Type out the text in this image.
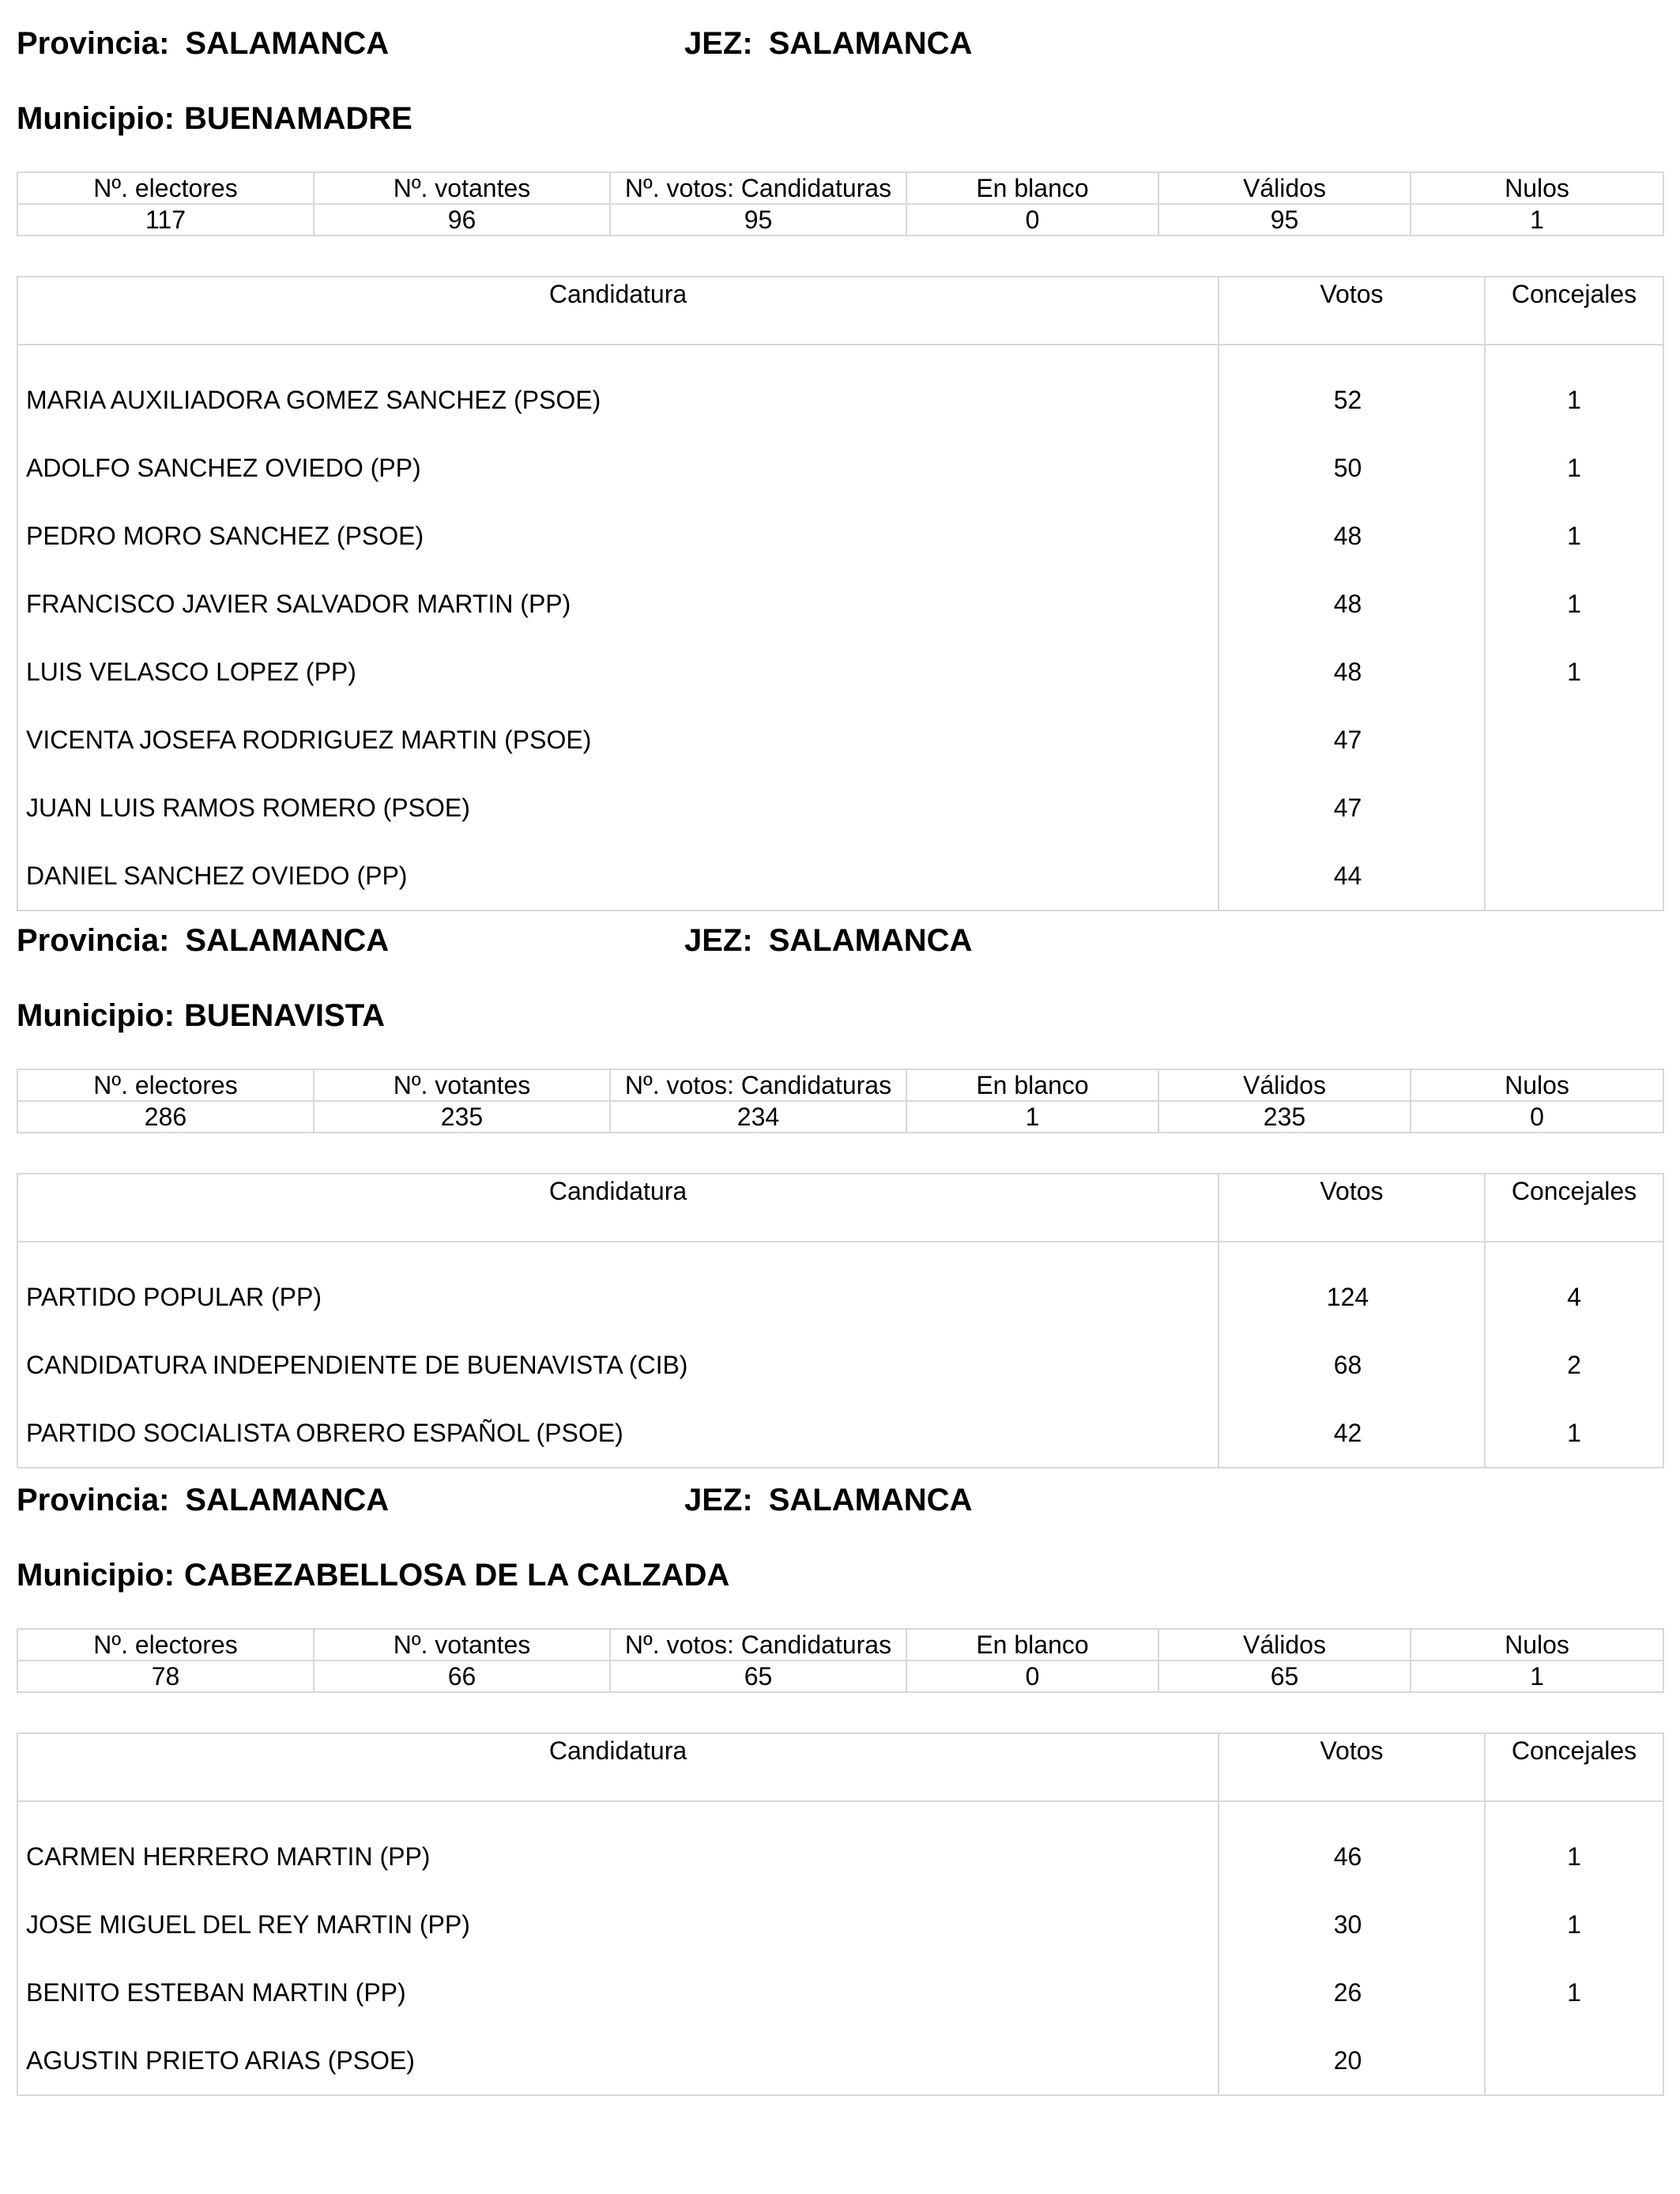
Provincia: SALAMANCA	JEZ: SALAMANCA
Municipio: BUENAMADRE
Nº. electores	Nº. votantes	Nº. votos: Candidaturas	En blanco	Válidos	Nulos
117	96	95	0	95	1
Candidatura	Votos	Concejales
MARIA AUXILIADORA GOMEZ SANCHEZ (PSOE)	52	1
ADOLFO SANCHEZ OVIEDO (PP)	50	1
PEDRO MORO SANCHEZ (PSOE)	48	1
FRANCISCO JAVIER SALVADOR MARTIN (PP)	48	1
LUIS VELASCO LOPEZ (PP)	48	1
VICENTA JOSEFA RODRIGUEZ MARTIN (PSOE)	47	
JUAN LUIS RAMOS ROMERO (PSOE)	47	
DANIEL SANCHEZ OVIEDO (PP)	44	
Provincia: SALAMANCA	JEZ: SALAMANCA
Municipio: BUENAVISTA
Nº. electores	Nº. votantes	Nº. votos: Candidaturas	En blanco	Válidos	Nulos
286	235	234	1	235	0
Candidatura	Votos	Concejales
PARTIDO POPULAR (PP)	124	4
CANDIDATURA INDEPENDIENTE DE BUENAVISTA (CIB)	68	2
PARTIDO SOCIALISTA OBRERO ESPAÑOL (PSOE)	42	1
Provincia: SALAMANCA	JEZ: SALAMANCA
Municipio: CABEZABELLOSA DE LA CALZADA
Nº. electores	Nº. votantes	Nº. votos: Candidaturas	En blanco	Válidos	Nulos
78	66	65	0	65	1
Candidatura	Votos	Concejales
CARMEN HERRERO MARTIN (PP)	46	1
JOSE MIGUEL DEL REY MARTIN (PP)	30	1
BENITO ESTEBAN MARTIN (PP)	26	1
AGUSTIN PRIETO ARIAS (PSOE)	20	
